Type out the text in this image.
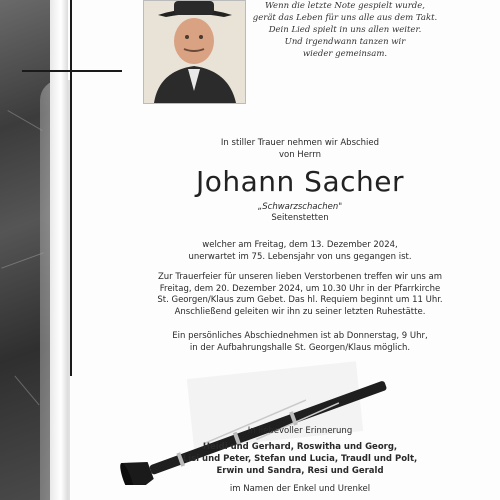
Wenn die letzte Note gespielt wurde,
gerät das Leben für uns alle aus dem Takt.
Dein Lied spielt in uns allen weiter.
Und irgendwann tanzen wir
wieder gemeinsam.
In stiller Trauer nehmen wir Abschied
von Herrn
Johann Sacher
„Schwarzschachen"
Seitenstetten
welcher am Freitag, dem 13. Dezember 2024,
unerwartet im 75. Lebensjahr von uns gegangen ist.
Zur Trauerfeier für unseren lieben Verstorbenen treffen wir uns am
Freitag, dem 20. Dezember 2024, um 10.30 Uhr in der Pfarrkirche
St. Georgen/Klaus zum Gebet. Das hl. Requiem beginnt um 11 Uhr.
Anschließend geleiten wir ihn zu seiner letzten Ruhestätte.
Ein persönliches Abschiednehmen ist ab Donnerstag, 9 Uhr,
in der Aufbahrungshalle St. Georgen/Klaus möglich.
In liebevoller Erinnerung
Heidi und Gerhard, Roswitha und Georg,
Lisi und Peter, Stefan und Lucia, Traudl und Polt,
Erwin und Sandra, Resi und Gerald
im Namen der Enkel und Urenkel
